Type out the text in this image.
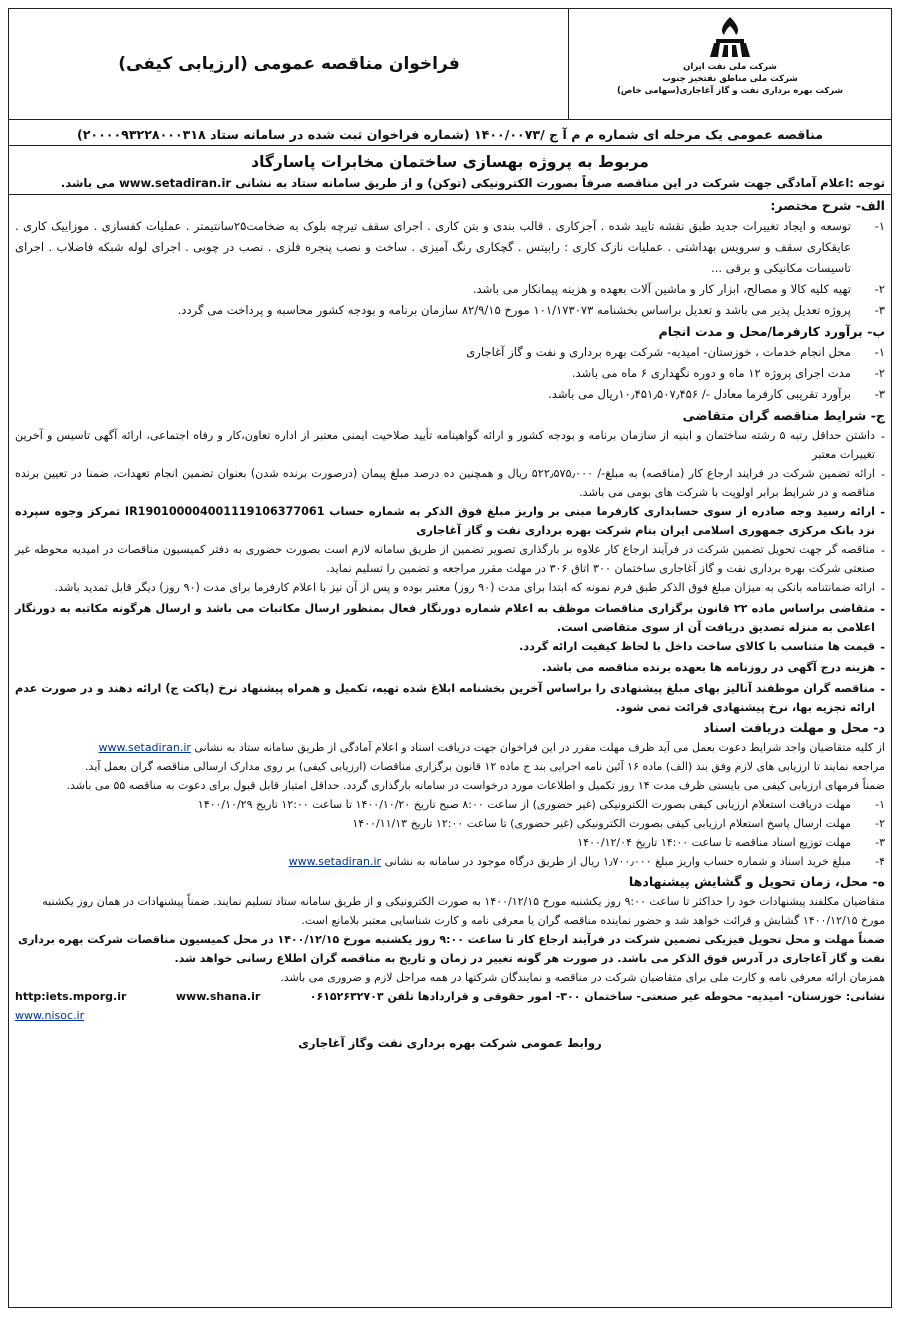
شرکت ملی نفت ایران
شرکت ملی مناطق نفتخیز جنوب
شرکت بهره برداری نفت و گاز آغاجاری(سهامی خاص)
فراخوان مناقصه عمومی (ارزیابی کیفی)
مناقصه عمومی یک مرحله ای شماره م م آ ج /۱۴۰۰/۰۰۷۳ (شماره فراخوان ثبت شده در سامانه ستاد ۲۰۰۰۰۹۳۲۲۸۰۰۰۳۱۸)
مربوط به پروژه بهسازی ساختمان مخابرات پاسارگاد
توجه :اعلام آمادگی جهت شرکت در این مناقصه صرفاً بصورت الکترونیکی (توکن) و از طریق سامانه ستاد به نشانی www.setadiran.ir می باشد.
الف- شرح مختصر:
۱-
توسعه و ایجاد تغییرات جدید طبق نقشه تایید شده . آجرکاری . قالب بندی و بتن کاری . اجرای سقف تیرچه بلوک به ضخامت۲۵سانتیمتر . عملیات کفسازی . موزاییک کاری . عایقکاری سقف و سرویس بهداشتی . عملیات نازک کاری : رابیتس . گچکاری رنگ آمیزی . ساخت و نصب پنجره فلزی . نصب در چوبی . اجرای لوله شبکه فاضلاب . اجرای تاسیسات مکانیکی و برقی ...
۲-
تهیه کلیه کالا و مصالح، ابزار کار و ماشین آلات بعهده و هزینه پیمانکار می باشد.
۳-
پروژه تعدیل پذیر می باشد و تعدیل براساس بخشنامه ۱۰۱/۱۷۳۰۷۳ مورخ ۸۲/۹/۱۵ سازمان برنامه و بودجه کشور محاسبه و پرداخت می گردد.
ب- برآورد کارفرما/محل و مدت انجام
۱-
محل انجام خدمات ، خوزستان- امیدیه- شرکت بهره برداری و نفت و گاز آغاجاری
۲-
مدت اجرای پروژه ۱۲ ماه و دوره نگهداری ۶ ماه می باشد.
۳-
برآورد تقریبی کارفرما معادل -/ ۱۰٫۴۵۱٫۵۰۷٫۴۵۶ریال می باشد.
ج- شرایط مناقصه گران متقاضی
-
داشتن حداقل رتبه ۵ رشته ساختمان و ابنیه از سازمان برنامه و بودجه کشور و ارائه گواهینامه تأیید صلاحیت ایمنی معتبر از اداره تعاون،کار و رفاه اجتماعی، ارائه آگهی تاسیس و آخرین تغییرات معتبر
-
ارائه تضمین شرکت در فرایند ارجاع کار (مناقصه) به مبلغ-/ ۵۲۲٫۵۷۵٫۰۰۰ ریال و همچنین ده درصد مبلغ پیمان (درصورت برنده شدن) بعنوان تضمین انجام تعهدات، ضمنا در تعیین برنده مناقصه و در شرایط برابر اولویت با شرکت های بومی می باشد.
-
ارائه رسید وجه صادره از سوی حسابداری کارفرما مبنی بر واریز مبلغ فوق الذکر به شماره حساب IR190100004001119106377061 تمرکز وجوه سپرده نزد بانک مرکزی جمهوری اسلامی ایران بنام شرکت بهره برداری نفت و گاز آغاجاری
-
مناقصه گر جهت تحویل تضمین شرکت در فرآیند ارجاع کار علاوه بر بارگذاری تصویر تضمین از طریق سامانه لازم است بصورت حضوری به دفتر کمیسیون مناقصات در امیدیه محوطه غیر صنعتی شرکت بهره برداری نفت و گاز آغاجاری ساختمان ۳۰۰ اتاق ۳۰۶ در مهلت مقرر مراجعه و تضمین را تسلیم نماید.
-
ارائه ضمانتنامه بانکی به میزان مبلغ فوق الذکر طبق فرم نمونه که ابتدا برای مدت (۹۰ روز) معتبر بوده و پس از آن نیز با اعلام کارفرما برای مدت (۹۰ روز) دیگر قابل تمدید باشد.
-
متقاضی براساس ماده ۲۲ قانون برگزاری مناقصات موظف به اعلام شماره دورنگار فعال بمنظور ارسال مکاتبات می باشد و ارسال هرگونه مکاتبه به دورنگار اعلامی به منزله تصدیق دریافت آن از سوی متقاضی است.
-
قیمت ها متناسب با کالای ساخت داخل با لحاظ کیفیت ارائه گردد.
-
هزینه درج آگهی در روزنامه ها بعهده برنده مناقصه می باشد.
-
مناقصه گران موظفند آنالیز بهای مبلغ پیشنهادی را براساس آخرین بخشنامه ابلاغ شده تهیه، تکمیل و همراه پیشنهاد نرخ (پاکت ج) ارائه دهند و در صورت عدم ارائه تجزیه بها، نرخ پیشنهادی قرائت نمی شود.
د- محل و مهلت دریافت اسناد
از کلیه متقاضیان واجد شرایط دعوت بعمل می آید ظرف مهلت مقرر در این فراخوان جهت دریافت اسناد و اعلام آمادگی از طریق سامانه ستاد به نشانی www.setadiran.ir
مراجعه نمایند تا ارزیابی های لازم وفق بند (الف) ماده ۱۶ آئین نامه اجرایی بند ج ماده ۱۲ قانون برگزاری مناقصات (ارزیابی کیفی) بر روی مدارک ارسالی مناقصه گران بعمل آید.
ضمناً فرمهای ارزیابی کیفی می بایستی ظرف مدت ۱۴ روز تکمیل و اطلاعات مورد درخواست در سامانه بارگذاری گردد. حداقل امتیاز قابل قبول برای دعوت به مناقصه ۵۵ می باشد.
۱-
مهلت دریافت استعلام ارزیابی کیفی بصورت الکترونیکی (غیر حضوری) از ساعت ۸:۰۰ صبح تاریخ ۱۴۰۰/۱۰/۲۰ تا ساعت ۱۲:۰۰ تاریخ ۱۴۰۰/۱۰/۲۹
۲-
مهلت ارسال پاسخ استعلام ارزیابی کیفی بصورت الکترونیکی (غیر حضوری) تا ساعت ۱۲:۰۰ تاریخ ۱۴۰۰/۱۱/۱۳
۳-
مهلت توزیع اسناد مناقصه تا ساعت ۱۴:۰۰ تاریخ ۱۴۰۰/۱۲/۰۴
۴-
مبلغ خرید اسناد و شماره حساب واریز مبلغ ۱٫۷۰۰٫۰۰۰ ریال از طریق درگاه موجود در سامانه به نشانی www.setadiran.ir
ه- محل، زمان تحویل و گشایش پیشنهادها
متقاضیان مکلفند پیشنهادات خود را حداکثر تا ساعت ۹:۰۰ روز یکشنبه مورخ ۱۴۰۰/۱۲/۱۵ به صورت الکترونیکی و از طریق سامانه ستاد تسلیم نمایند. ضمناً پیشنهادات در همان روز یکشنبه مورخ ۱۴۰۰/۱۲/۱۵ گشایش و قرائت خواهد شد و حضور نماینده مناقصه گران یا معرفی نامه و کارت شناسایی معتبر بلامانع است.
ضمناً مهلت و محل تحویل فیزیکی تضمین شرکت در فرآیند ارجاع کار تا ساعت ۹:۰۰ روز یکشنبه مورخ ۱۴۰۰/۱۲/۱۵ در محل کمیسیون مناقصات شرکت بهره برداری نفت و گاز آغاجاری در آدرس فوق الذکر می باشد. در صورت هر گونه تغییر در زمان و تاریخ به مناقصه گران اطلاع رسانی خواهد شد.
همزمان ارائه معرفی نامه و کارت ملی برای متقاضیان شرکت در مناقصه و نمایندگان شرکتها در همه مراحل لازم و ضروری می باشد.
نشانی: خوزستان- امیدیه- محوطه غیر صنعتی- ساختمان ۳۰۰- امور حقوقی و قراردادها تلفن ۰۶۱۵۲۶۳۲۷۰۳
www.shana.ir
http:iets.mporg.ir
www.nisoc.ir
روابط عمومی شرکت بهره برداری نفت وگاز آغاجاری
